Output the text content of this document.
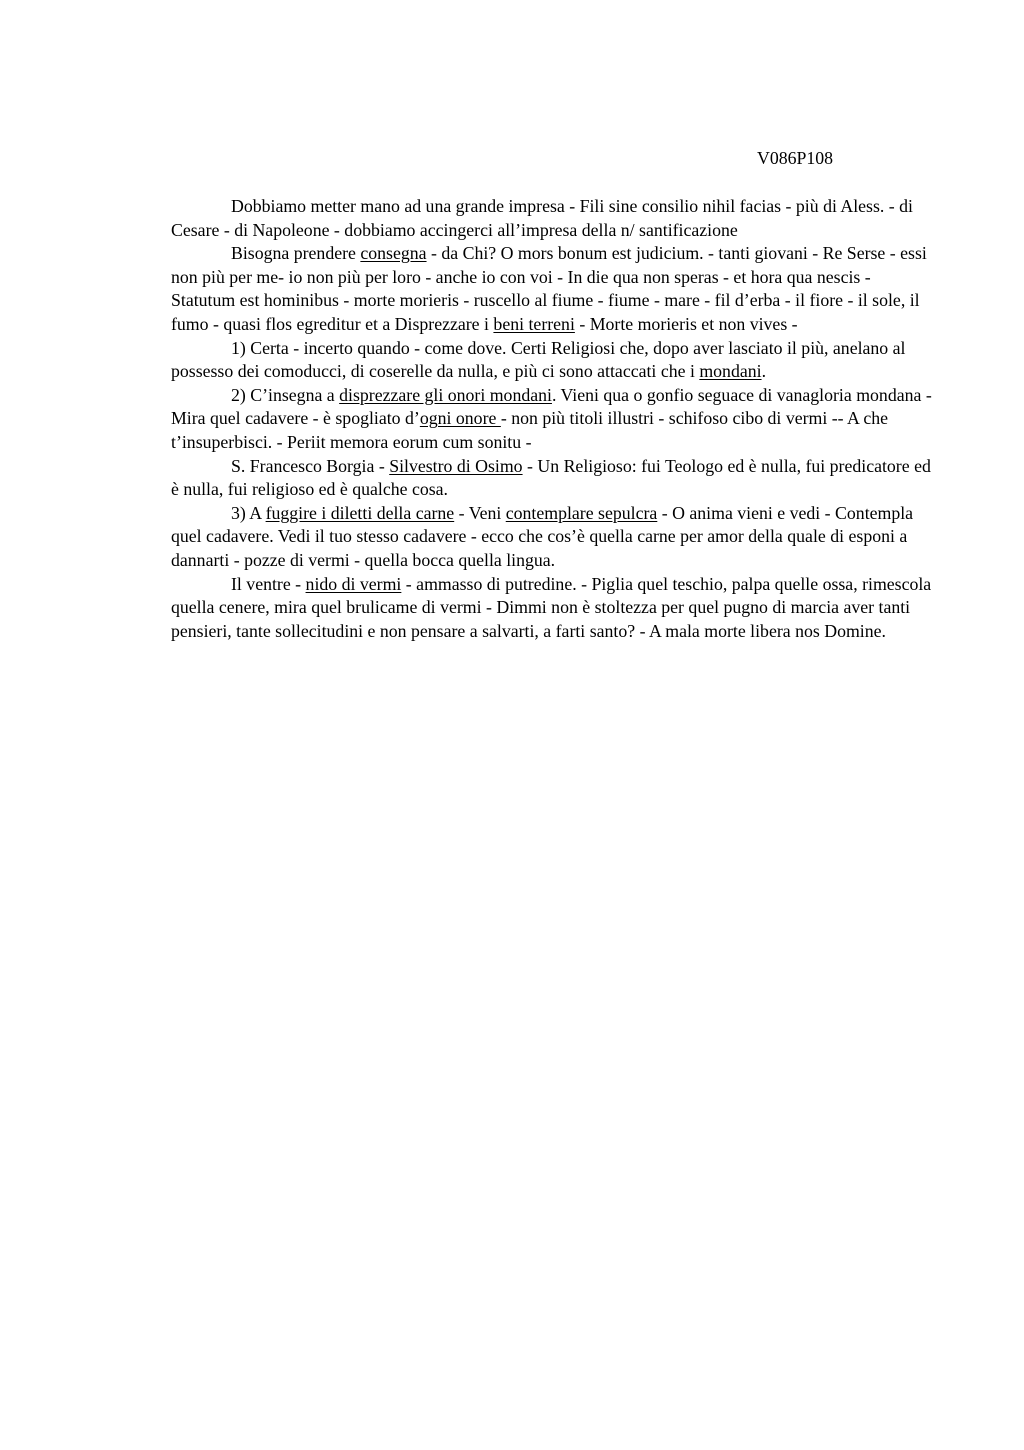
V086P108

Dobbiamo metter mano ad una grande impresa - Fili sine consilio nihil facias - più di Aless. - di Cesare - di Napoleone - dobbiamo accingerci all’impresa della n/ santificazione

Bisogna prendere consegna - da Chi? O mors bonum est judicium. - tanti giovani - Re Serse - essi non più per me- io non più per loro - anche io con voi - In die qua non speras - et hora qua nescis - Statutum est hominibus - morte morieris - ruscello al fiume - fiume - mare - fil d’erba - il fiore - il sole, il fumo - quasi flos egreditur et a Disprezzare i beni terreni - Morte morieris et non vives -

1) Certa - incerto quando - come dove. Certi Religiosi che, dopo aver lasciato il più, anelano al possesso dei comoducci, di coserelle da nulla, e più ci sono attaccati che i mondani.

2) C’insegna a disprezzare gli onori mondani. Vieni qua o gonfio seguace di vanagloria mondana - Mira quel cadavere - è spogliato d’ogni onore - non più titoli illustri - schifoso cibo di vermi -- A che t’insuperbisci. - Periit memora eorum cum sonitu -

S. Francesco Borgia - Silvestro di Osimo - Un Religioso: fui Teologo ed è nulla, fui predicatore ed è nulla, fui religioso ed è qualche cosa.

3) A fuggire i diletti della carne - Veni contemplare sepulcra - O anima vieni e vedi - Contempla quel cadavere. Vedi il tuo stesso cadavere - ecco che cos’è quella carne per amor della quale di esponi a dannarti - pozze di vermi - quella bocca quella lingua.

Il ventre - nido di vermi - ammasso di putredine. - Piglia quel teschio, palpa quelle ossa, rimescola quella cenere, mira quel brulicame di vermi - Dimmi non è stoltezza per quel pugno di marcia aver tanti pensieri, tante sollecitudini e non pensare a salvarti, a farti santo? - A mala morte libera nos Domine.
